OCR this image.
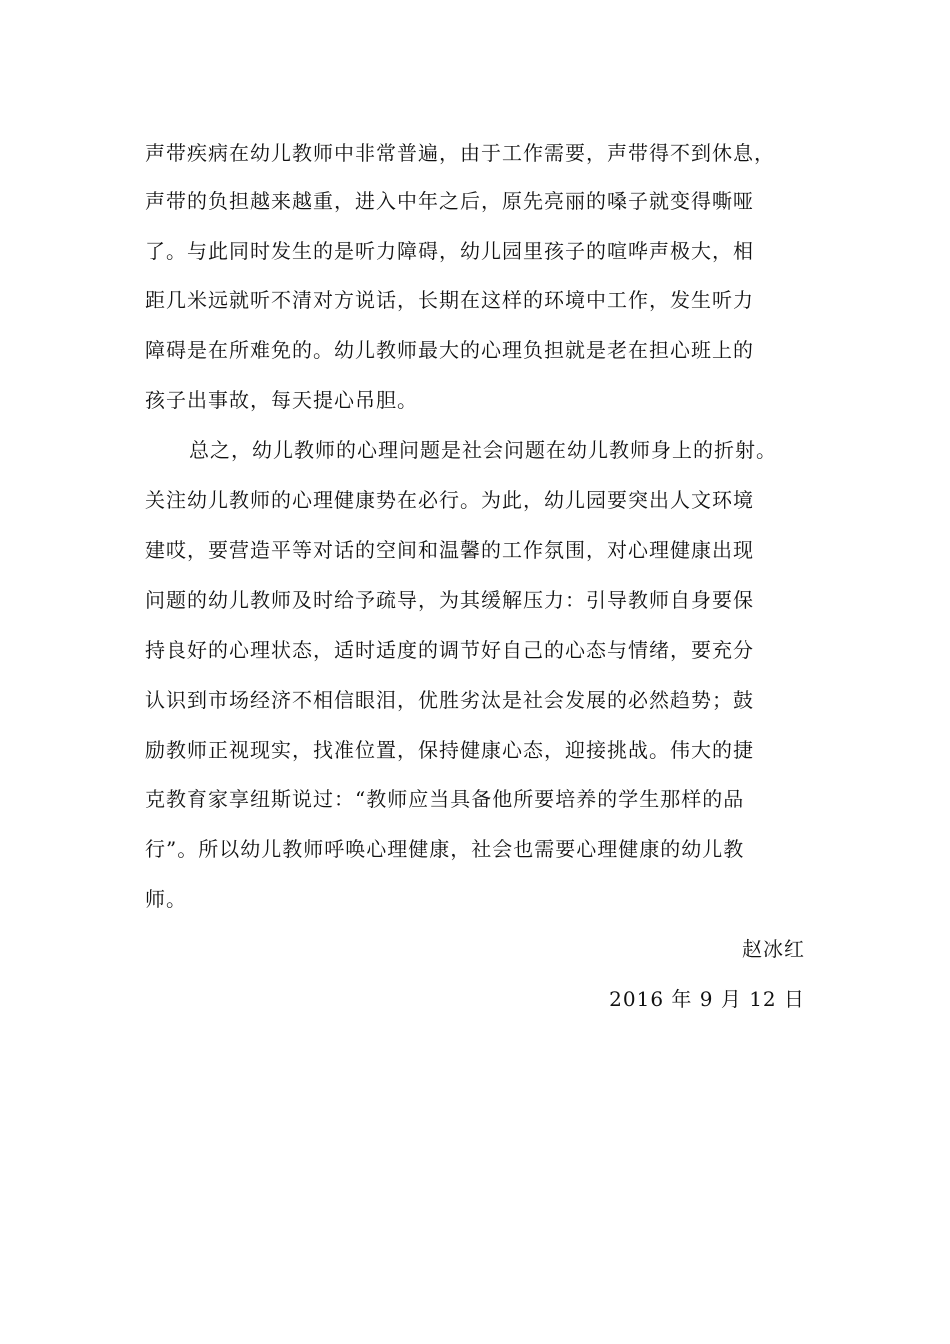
声带疾病在幼儿教师中非常普遍，由于工作需要，声带得不到休息，
声带的负担越来越重，进入中年之后，原先亮丽的嗓子就变得嘶哑
了。与此同时发生的是听力障碍，幼儿园里孩子的喧哗声极大，相
距几米远就听不清对方说话，长期在这样的环境中工作，发生听力
障碍是在所难免的。幼儿教师最大的心理负担就是老在担心班上的
孩子出事故，每天提心吊胆。
总之，幼儿教师的心理问题是社会问题在幼儿教师身上的折射。
关注幼儿教师的心理健康势在必行。为此，幼儿园要突出人文环境
建哎，要营造平等对话的空间和温馨的工作氛围，对心理健康出现
问题的幼儿教师及时给予疏导，为其缓解压力：引导教师自身要保
持良好的心理状态，适时适度的调节好自己的心态与情绪，要充分
认识到市场经济不相信眼泪，优胜劣汰是社会发展的必然趋势；鼓
励教师正视现实，找准位置，保持健康心态，迎接挑战。伟大的捷
克教育家享纽斯说过：“教师应当具备他所要培养的学生那样的品
行”。所以幼儿教师呼唤心理健康，社会也需要心理健康的幼儿教
师。
赵冰红
2016 年 9 月 12 日
